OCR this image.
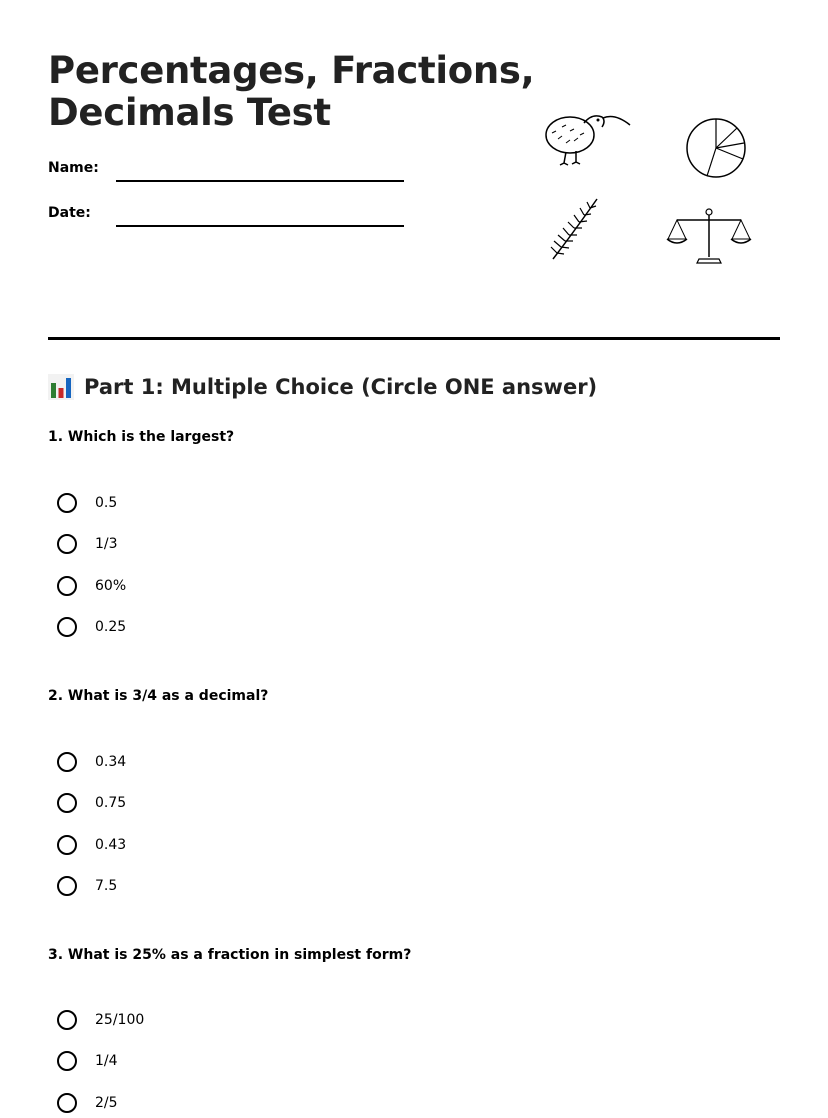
Percentages, Fractions,
Decimals Test
Name:
Date:
Part 1: Multiple Choice (Circle ONE answer)
1. Which is the largest?
0.5
1/3
60%
0.25
2. What is 3/4 as a decimal?
0.34
0.75
0.43
7.5
3. What is 25% as a fraction in simplest form?
25/100
1/4
2/5
